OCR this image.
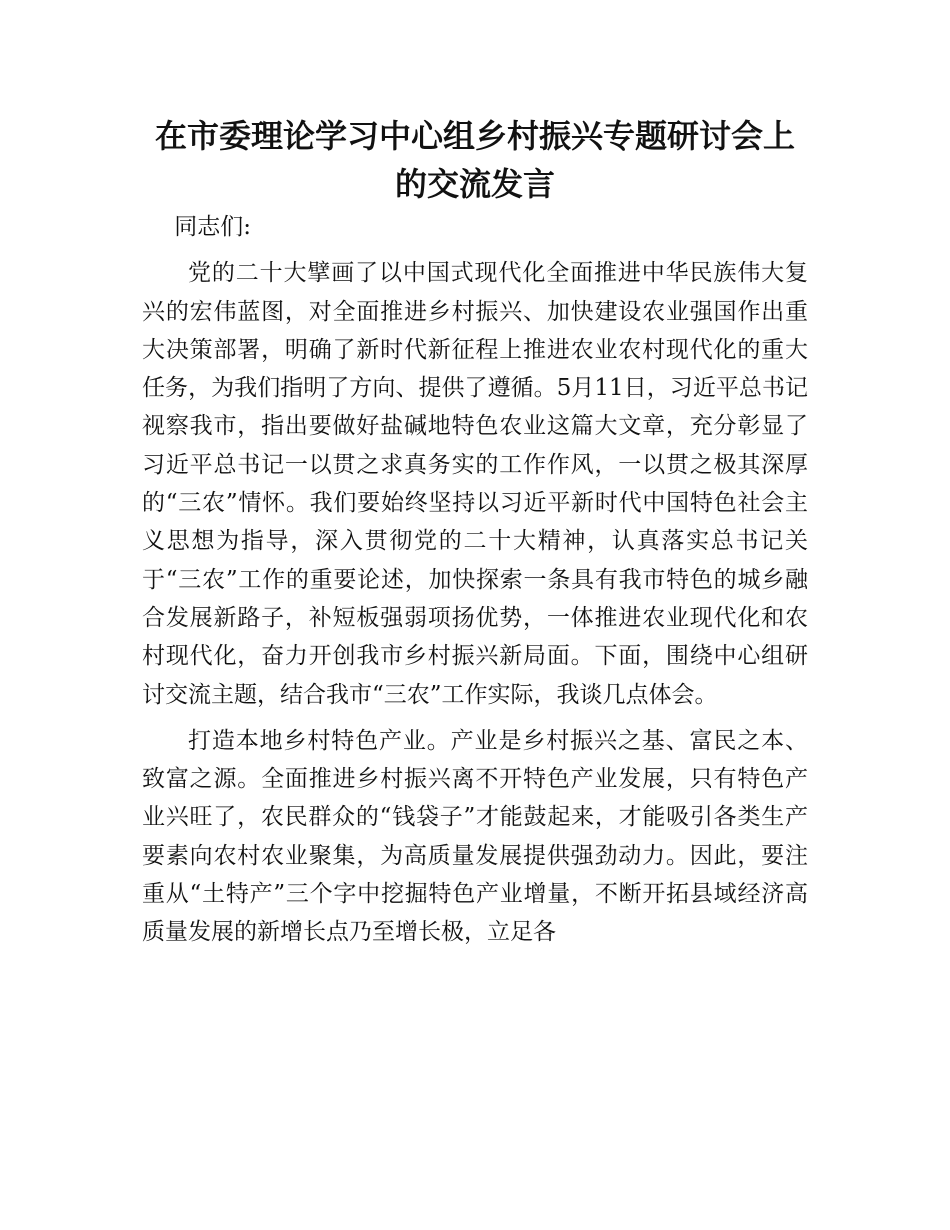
在市委理论学习中心组乡村振兴专题研讨会上的交流发言

同志们:

党的二十大擘画了以中国式现代化全面推进中华民族伟大复兴的宏伟蓝图，对全面推进乡村振兴、加快建设农业强国作出重大决策部署，明确了新时代新征程上推进农业农村现代化的重大任务，为我们指明了方向、提供了遵循。5月11日，习近平总书记视察我市，指出要做好盐碱地特色农业这篇大文章，充分彰显了习近平总书记一以贯之求真务实的工作作风，一以贯之极其深厚的“三农”情怀。我们要始终坚持以习近平新时代中国特色社会主义思想为指导，深入贯彻党的二十大精神，认真落实总书记关于“三农”工作的重要论述，加快探索一条具有我市特色的城乡融合发展新路子，补短板强弱项扬优势，一体推进农业现代化和农村现代化，奋力开创我市乡村振兴新局面。下面，围绕中心组研讨交流主题，结合我市“三农”工作实际，我谈几点体会。

打造本地乡村特色产业。产业是乡村振兴之基、富民之本、致富之源。全面推进乡村振兴离不开特色产业发展，只有特色产业兴旺了，农民群众的“钱袋子”才能鼓起来，才能吸引各类生产要素向农村农业聚集，为高质量发展提供强劲动力。因此，要注重从“土特产”三个字中挖掘特色产业增量，不断开拓县域经济高质量发展的新增长点乃至增长极，立足各
